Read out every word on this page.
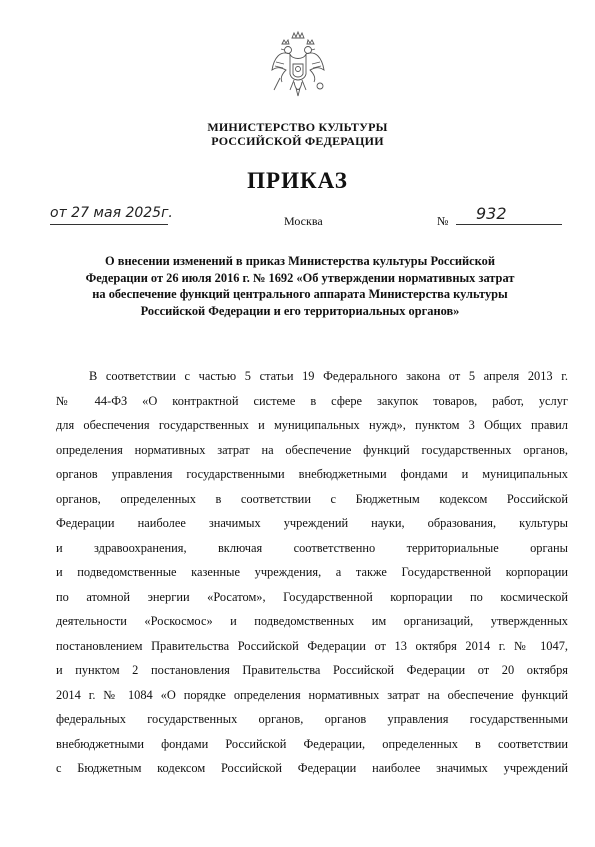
МИНИСТЕРСТВО КУЛЬТУРЫ
РОССИЙСКОЙ ФЕДЕРАЦИИ
ПРИКАЗ
от 27 мая 2025г.	Москва	№ 932
О внесении изменений в приказ Министерства культуры Российской
Федерации от 26 июля 2016 г. № 1692 «Об утверждении нормативных затрат
на обеспечение функций центрального аппарата Министерства культуры
Российской Федерации и его территориальных органов»
В соответствии с частью 5 статьи 19 Федерального закона от 5 апреля 2013 г.
№ 44-ФЗ «О контрактной системе в сфере закупок товаров, работ, услуг
для обеспечения государственных и муниципальных нужд», пунктом 3 Общих правил
определения нормативных затрат на обеспечение функций государственных органов,
органов управления государственными внебюджетными фондами и муниципальных
органов, определенных в соответствии с Бюджетным кодексом Российской
Федерации наиболее значимых учреждений науки, образования, культуры
и здравоохранения, включая соответственно территориальные органы
и подведомственные казенные учреждения, а также Государственной корпорации
по атомной энергии «Росатом», Государственной корпорации по космической
деятельности «Роскосмос» и подведомственных им организаций, утвержденных
постановлением Правительства Российской Федерации от 13 октября 2014 г. № 1047,
и пунктом 2 постановления Правительства Российской Федерации от 20 октября
2014 г. № 1084 «О порядке определения нормативных затрат на обеспечение функций
федеральных государственных органов, органов управления государственными
внебюджетными фондами Российской Федерации, определенных в соответствии
с Бюджетным кодексом Российской Федерации наиболее значимых учреждений
